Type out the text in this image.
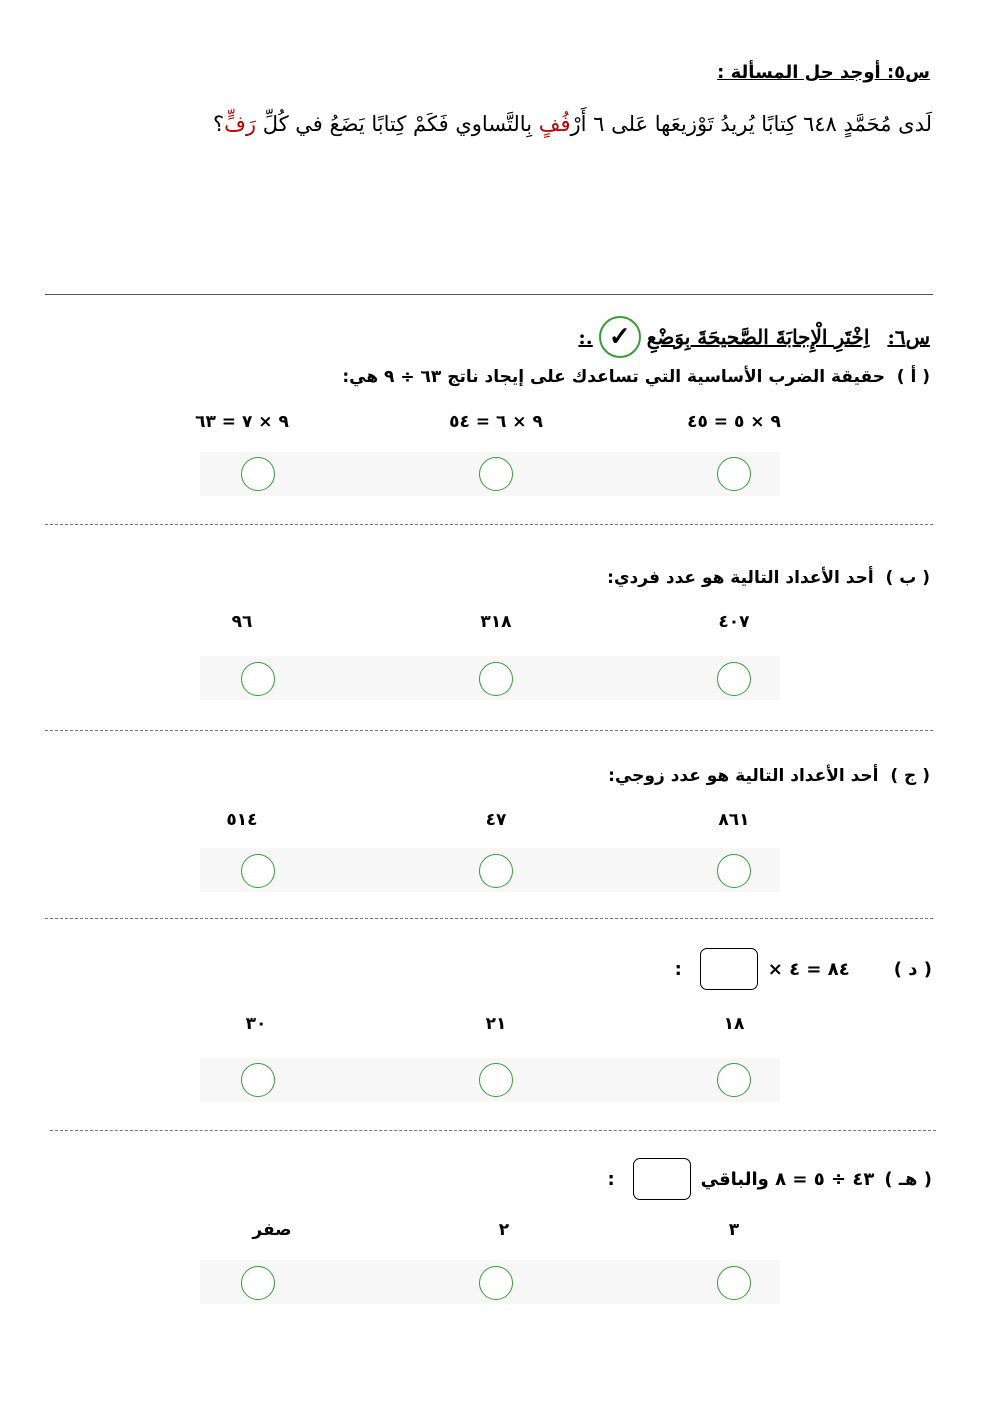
س٥: أوجد حل المسألة :
لَدى مُحَمَّدٍ ٦٤٨ كِتابًا يُريدُ تَوْزيعَها عَلى ٦ أَرْفُفٍ بِالتَّساوي فَكَمْ كِتابًا يَضَعُ في كُلِّ رَفٍّ؟
س٦:
اِخْتَرِ الْإِجابَةَ الصَّحيحَةَ بِوَضْعِ
✓
.:
( أ )  حقيقة الضرب الأساسية التي تساعدك على إيجاد ناتج ٦٣ ÷ ٩ هي:
٩ × ٥ = ٤٥
٩ × ٦ = ٥٤
٩ × ٧ = ٦٣
( ب )  أحد الأعداد التالية هو عدد فردي:
٤٠٧
٣١٨
٩٦
( ج )  أحد الأعداد التالية هو عدد زوجي:
٨٦١
٤٧
٥١٤
( د )
٨٤ = ٤ ×
:
١٨
٢١
٣٠
( هـ )
٤٣ ÷ ٥ = ٨ والباقي
:
٣
٢
صفر
